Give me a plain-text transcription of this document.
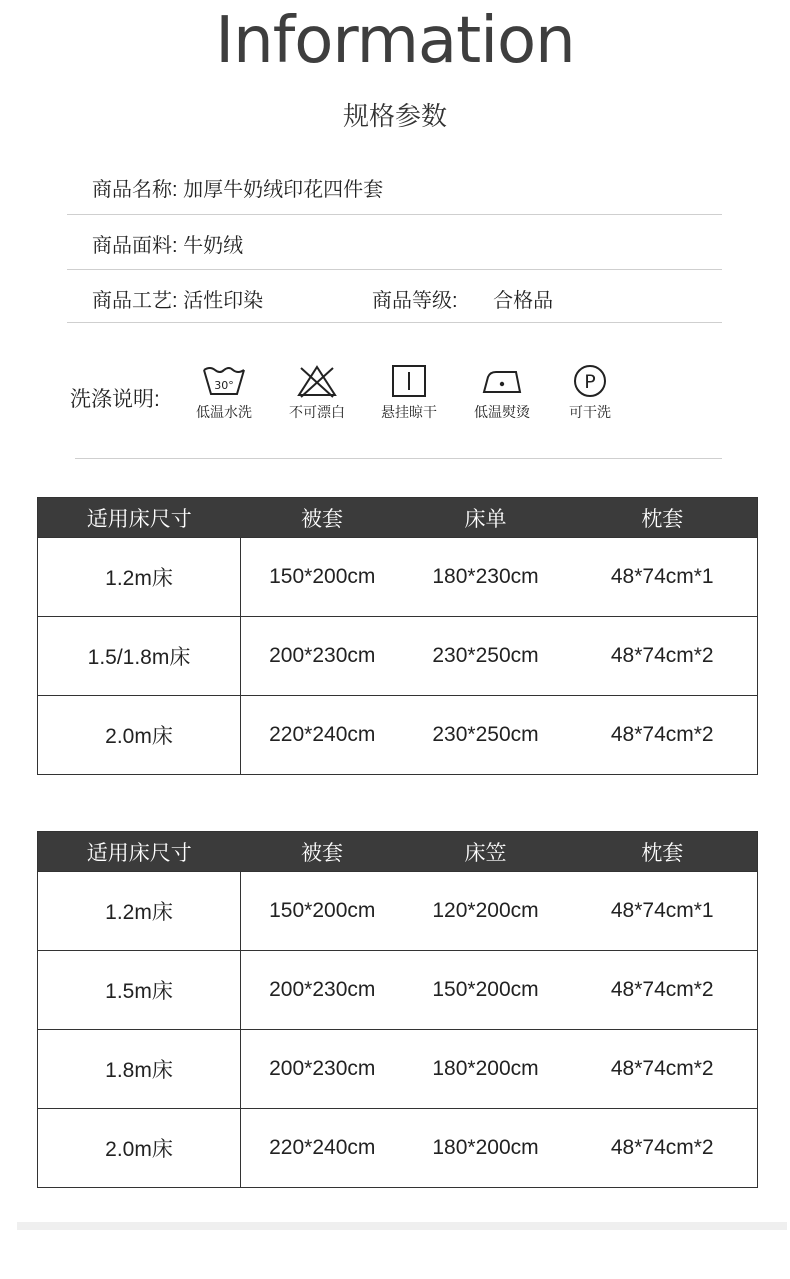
Information
规格参数
商品名称: 加厚牛奶绒印花四件套
商品面料: 牛奶绒
商品工艺: 活性印染	商品等级: 合格品
洗涤说明:
30°
低温水洗	不可漂白	悬挂晾干	低温熨烫
P
可干洗
适用床尺寸	被套	床单	枕套
1.2m床	150*200cm	180*230cm	48*74cm*1
1.5/1.8m床	200*230cm	230*250cm	48*74cm*2
2.0m床	220*240cm	230*250cm	48*74cm*2
适用床尺寸	被套	床笠	枕套
1.2m床	150*200cm	120*200cm	48*74cm*1
1.5m床	200*230cm	150*200cm	48*74cm*2
1.8m床	200*230cm	180*200cm	48*74cm*2
2.0m床	220*240cm	180*200cm	48*74cm*2
